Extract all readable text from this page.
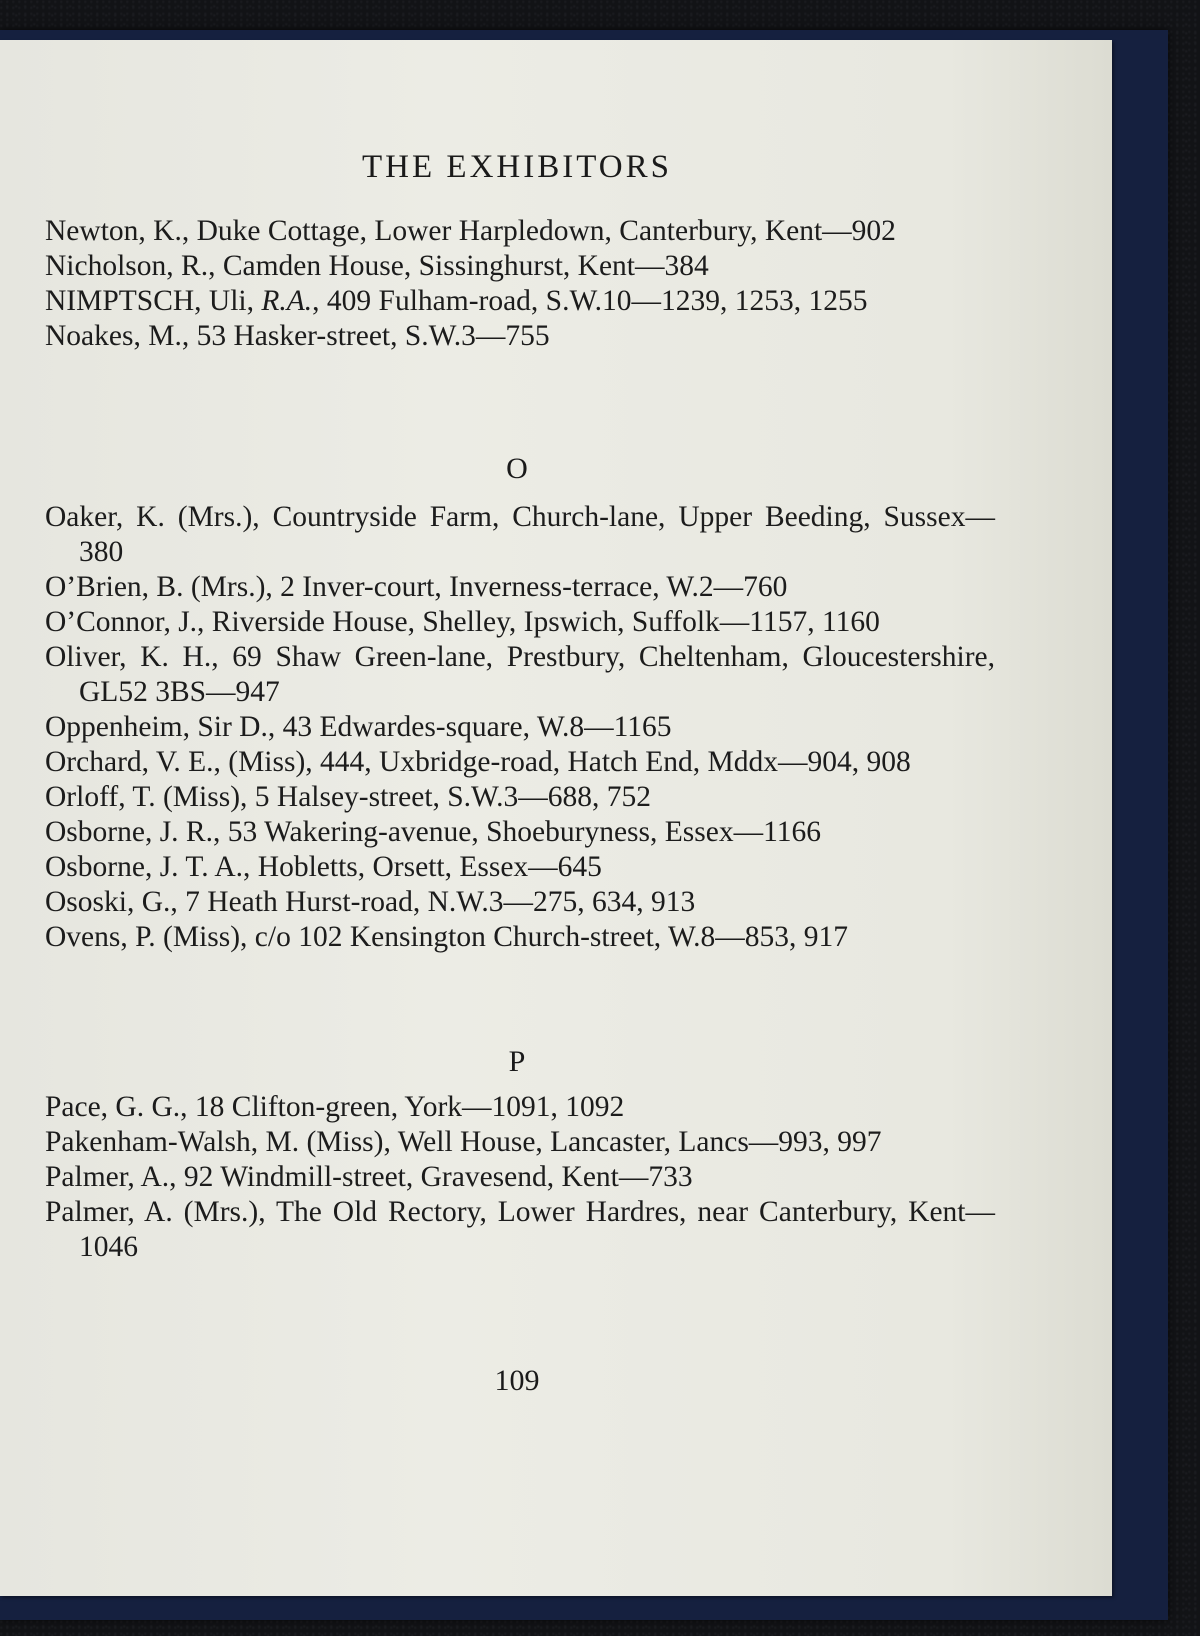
THE EXHIBITORS

Newton, K., Duke Cottage, Lower Harpledown, Canterbury, Kent—902

Nicholson, R., Camden House, Sissinghurst, Kent—384

NIMPTSCH, Uli, R.A., 409 Fulham-road, S.W.10—1239, 1253, 1255

Noakes, M., 53 Hasker-street, S.W.3—755

O

Oaker, K. (Mrs.), Countryside Farm, Church-lane, Upper Beeding, Sussex—380

O’Brien, B. (Mrs.), 2 Inver-court, Inverness-terrace, W.2—760

O’Connor, J., Riverside House, Shelley, Ipswich, Suffolk—1157, 1160

Oliver, K. H., 69 Shaw Green-lane, Prestbury, Cheltenham, Gloucestershire, GL52 3BS—947

Oppenheim, Sir D., 43 Edwardes-square, W.8—1165

Orchard, V. E., (Miss), 444, Uxbridge-road, Hatch End, Mddx—904, 908

Orloff, T. (Miss), 5 Halsey-street, S.W.3—688, 752

Osborne, J. R., 53 Wakering-avenue, Shoeburyness, Essex—1166

Osborne, J. T. A., Hobletts, Orsett, Essex—645

Ososki, G., 7 Heath Hurst-road, N.W.3—275, 634, 913

Ovens, P. (Miss), c/o 102 Kensington Church-street, W.8—853, 917

P

Pace, G. G., 18 Clifton-green, York—1091, 1092

Pakenham-Walsh, M. (Miss), Well House, Lancaster, Lancs—993, 997

Palmer, A., 92 Windmill-street, Gravesend, Kent—733

Palmer, A. (Mrs.), The Old Rectory, Lower Hardres, near Canterbury, Kent—1046

109
